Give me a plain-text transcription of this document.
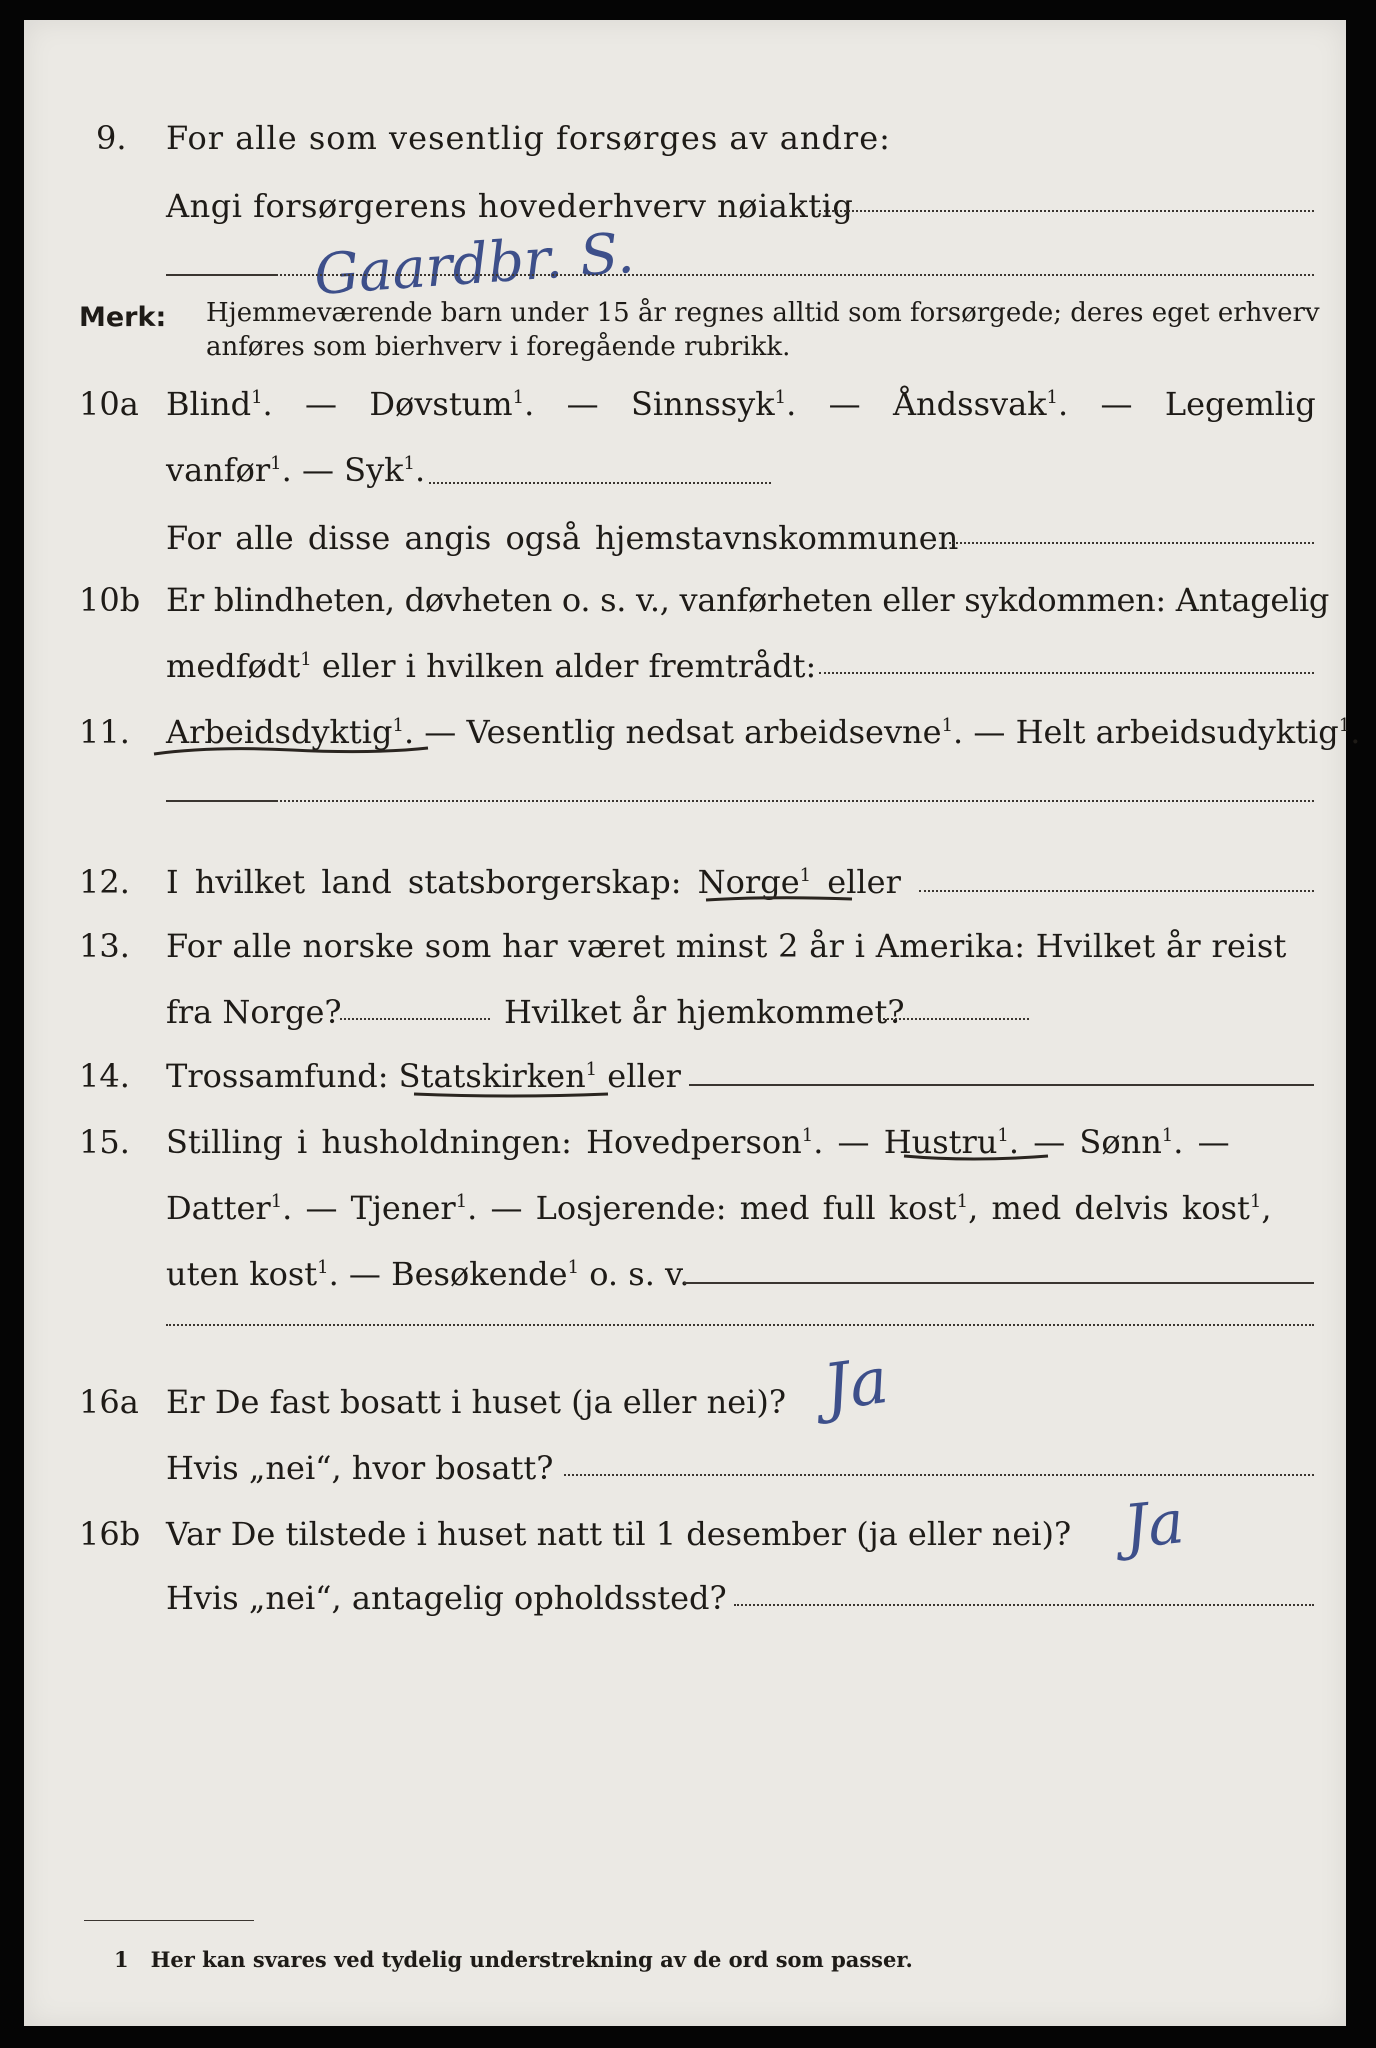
9. For alle som vesentlig forsørges av andre:
Angi forsørgerens hovederhverv nøiaktig
Gaardbr. S.
Merk: Hjemmeværende barn under 15 år regnes alltid som forsørgede; deres eget erhverv
anføres som bierhverv i foregående rubrikk.
10a Blind$^1$. — Døvstum$^1$. — Sinnssyk$^1$. — Åndssvak$^1$. — Legemlig
vanfør$^1$. — Syk$^1$.
For alle disse angis også hjemstavnskommunen
10b Er blindheten, døvheten o. s. v., vanførheten eller sykdommen: Antagelig
medfødt$^1$ eller i hvilken alder fremtrådt:
11. Arbeidsdyktig$^1$. — Vesentlig nedsat arbeidsevne$^1$. — Helt arbeidsudyktig$^1$.
12. I hvilket land statsborgerskap: Norge$^1$ eller
13. For alle norske som har været minst 2 år i Amerika: Hvilket år reist
fra Norge?	Hvilket år hjemkommet?
14. Trossamfund: Statskirken$^1$ eller
15. Stilling i husholdningen: Hovedperson$^1$. — Hustru$^1$. — Sønn$^1$. —
Datter$^1$. — Tjener$^1$. — Losjerende: med full kost$^1$, med delvis kost$^1$,
uten kost$^1$. — Besøkende$^1$ o. s. v.
16a Er De fast bosatt i huset (ja eller nei)? Ja
Hvis „nei“, hvor bosatt?
16b Var De tilstede i huset natt til 1 desember (ja eller nei)? Ja
Hvis „nei“, antagelig opholdssted?
1 Her kan svares ved tydelig understrekning av de ord som passer.
